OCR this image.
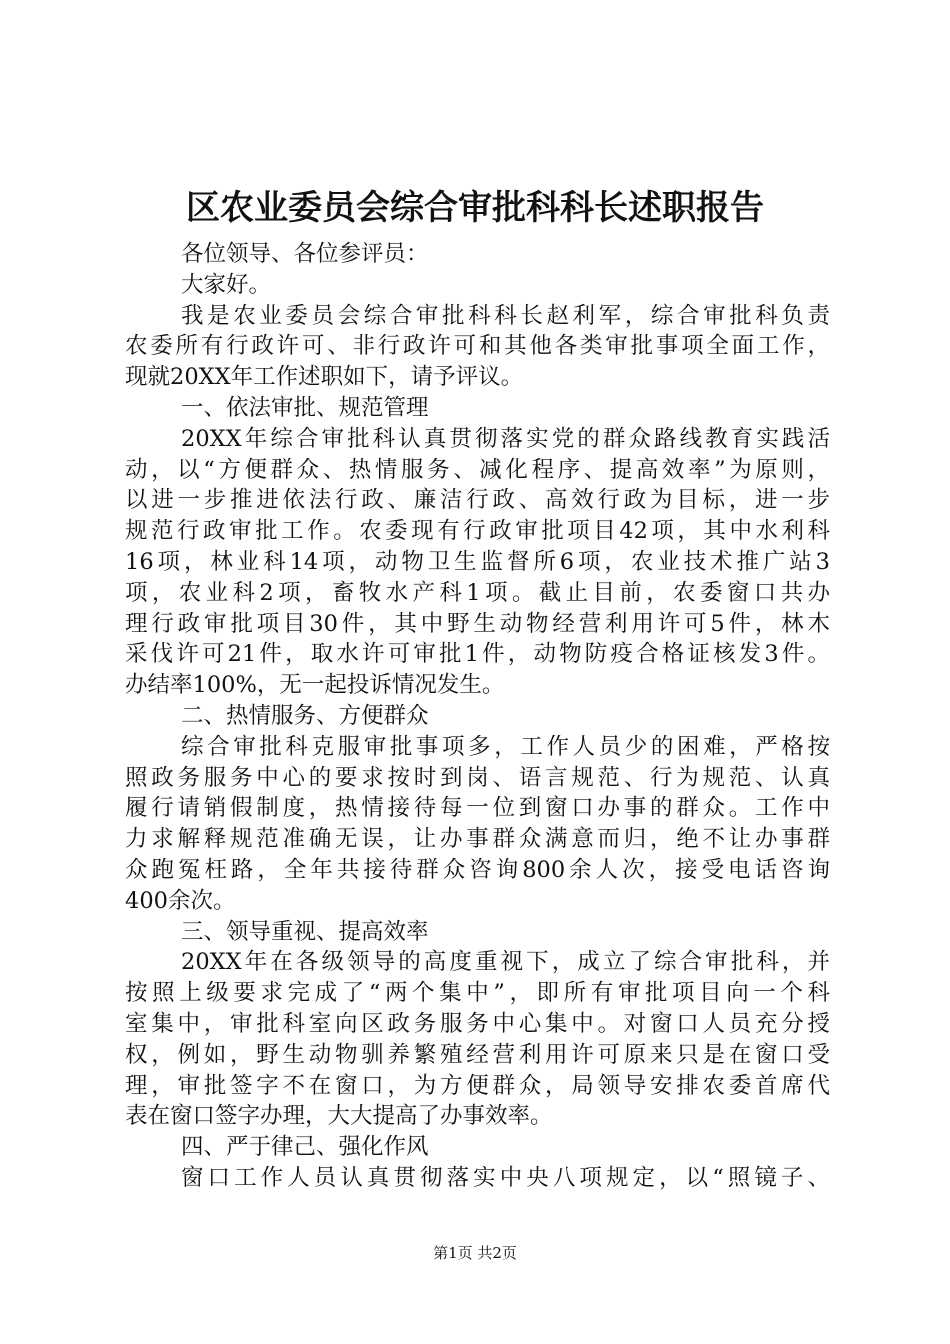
区农业委员会综合审批科科长述职报告
各位领导、各位参评员：
大家好。
我是农业委员会综合审批科科长赵利军，综合审批科负责
农委所有行政许可、非行政许可和其他各类审批事项全面工作，
现就20XX年工作述职如下，请予评议。
一、依法审批、规范管理
20XX年综合审批科认真贯彻落实党的群众路线教育实践活
动，以“方便群众、热情服务、减化程序、提高效率”为原则，
以进一步推进依法行政、廉洁行政、高效行政为目标，进一步
规范行政审批工作。农委现有行政审批项目42项，其中水利科
16项，林业科14项，动物卫生监督所6项，农业技术推广站3
项，农业科2项，畜牧水产科1项。截止目前，农委窗口共办
理行政审批项目30件，其中野生动物经营利用许可5件，林木
采伐许可21件，取水许可审批1件，动物防疫合格证核发3件。
办结率100%，无一起投诉情况发生。
二、热情服务、方便群众
综合审批科克服审批事项多，工作人员少的困难，严格按
照政务服务中心的要求按时到岗、语言规范、行为规范、认真
履行请销假制度，热情接待每一位到窗口办事的群众。工作中
力求解释规范准确无误，让办事群众满意而归，绝不让办事群
众跑冤枉路，全年共接待群众咨询800余人次，接受电话咨询
400余次。
三、领导重视、提高效率
20XX年在各级领导的高度重视下，成立了综合审批科，并
按照上级要求完成了“两个集中”，即所有审批项目向一个科
室集中，审批科室向区政务服务中心集中。对窗口人员充分授
权，例如，野生动物驯养繁殖经营利用许可原来只是在窗口受
理，审批签字不在窗口，为方便群众，局领导安排农委首席代
表在窗口签字办理，大大提高了办事效率。
四、严于律己、强化作风
窗口工作人员认真贯彻落实中央八项规定，以“照镜子、
第1页 共2页
